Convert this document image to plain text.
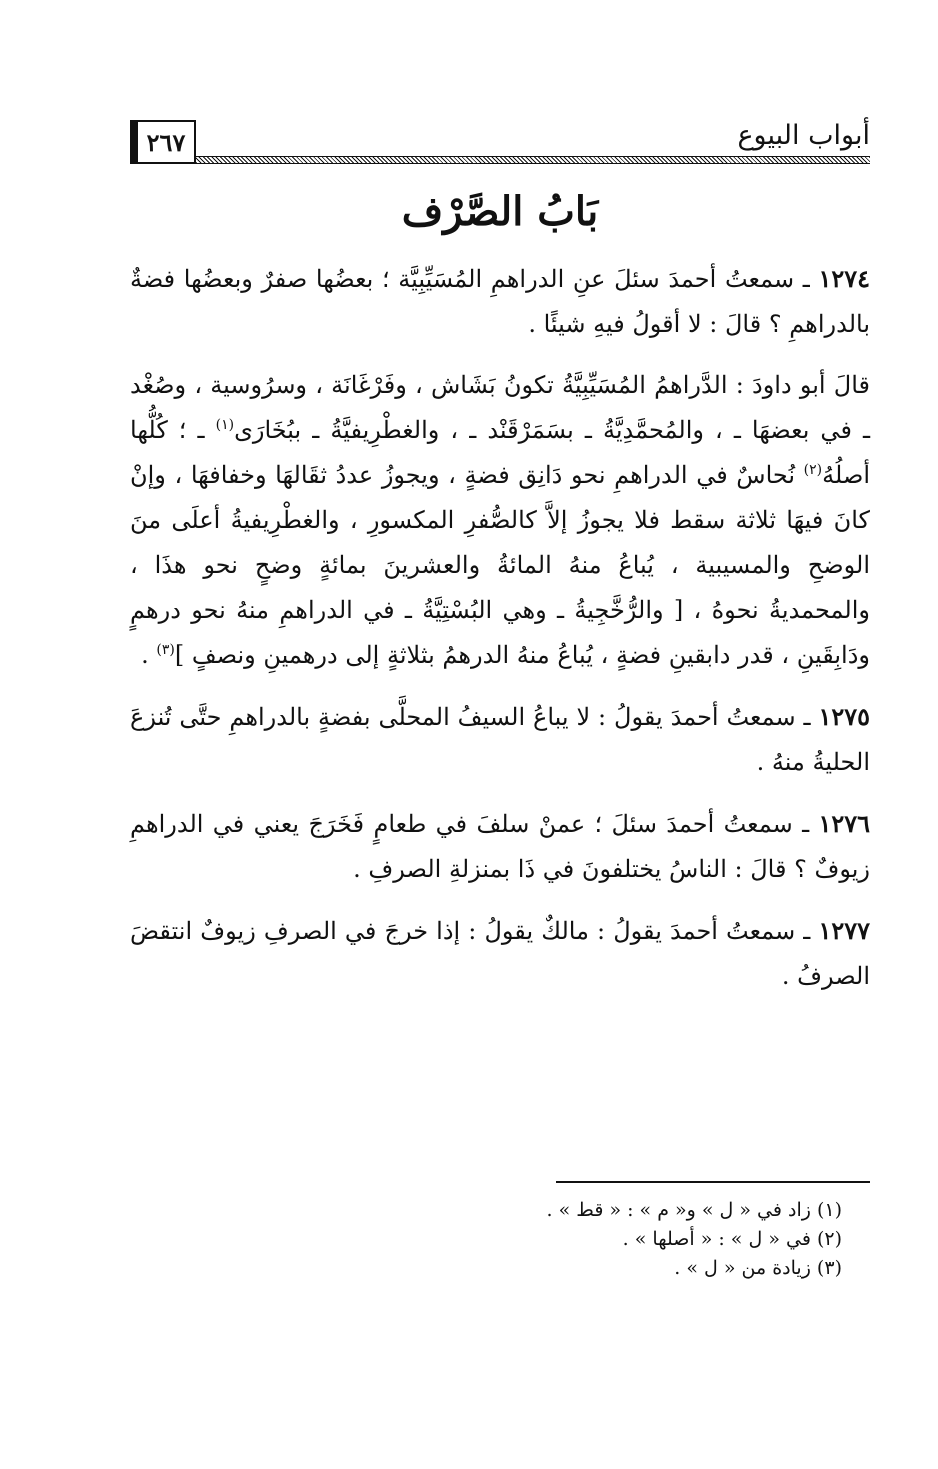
٢٦٧	أبواب البيوع
بَابُ الصَّرْف

١٢٧٤ ـ سمعتُ أحمدَ سئلَ عنِ الدراهمِ المُسَيِّبِيَّة ؛ بعضُها صفرٌ وبعضُها فضةٌ بالدراهمِ ؟ قالَ : لا أقولُ فيهِ شيئًا .

قالَ أبو داودَ : الدَّراهمُ المُسَيِّبِيَّةُ تكونُ بَشَاش ، وفَرْغَانَة ، وسرُوسية ، وصُغْد ـ في بعضهَا ـ ، والمُحمَّدِيَّةُ ـ بسَمَرْقَنْد ـ ، والغطْرِيفيَّةُ ـ ببُخَارَى$^{(١)}$ ـ ؛ كُلُّها أصلُهُ$^{(٢)}$ نُحاسٌ في الدراهمِ نحو دَانِق فضةٍ ، ويجوزُ عددُ ثقَالهَا وخفافهَا ، وإنْ كانَ فيهَا ثلاثة سقط فلا يجوزُ إلاَّ كالصُّفرِ المكسورِ ، والغطْرِيفيةُ أعلَى منَ الوضحِ والمسيبية ، يُباعُ منهُ المائةُ والعشرينَ بمائةٍ وضحٍ نحو هذَا ، والمحمديةُ نحوهُ ، [ والرُّخَّجِيةُ ـ وهي البُسْتِيَّةُ ـ في الدراهمِ منهُ نحو درهمٍ ودَابِقَينِ ، قدر دابقينِ فضةٍ ، يُباعُ منهُ الدرهمُ بثلاثةٍ إلى درهمينِ ونصفٍ ]$^{(٣)}$ .

١٢٧٥ ـ سمعتُ أحمدَ يقولُ : لا يباعُ السيفُ المحلَّى بفضةٍ بالدراهمِ حتَّى تُنزعَ الحليةُ منهُ .

١٢٧٦ ـ سمعتُ أحمدَ سئلَ ؛ عمنْ سلفَ في طعامٍ فَخَرَجَ يعني في الدراهمِ زيوفٌ ؟ قالَ : الناسُ يختلفونَ في ذَا بمنزلةِ الصرفِ .

١٢٧٧ ـ سمعتُ أحمدَ يقولُ : مالكٌ يقولُ : إذا خرجَ في الصرفِ زيوفٌ انتقضَ الصرفُ .

(١) زاد في « ل » و« م » : « قط » .
(٢) في « ل » : « أصلها » .
(٣) زيادة من « ل » .
